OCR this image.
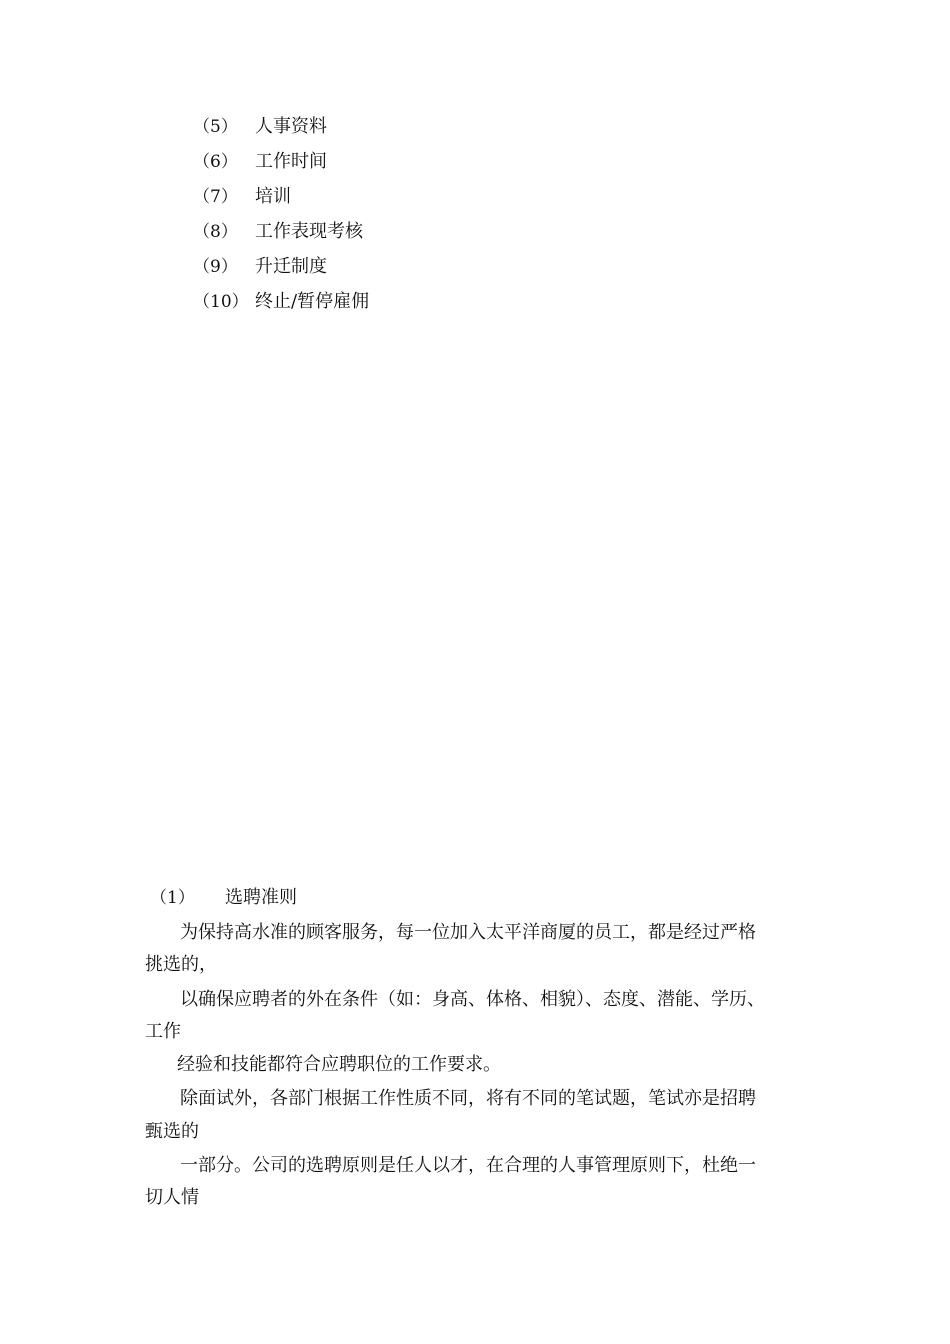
（5） 人事资料
（6） 工作时间
（7） 培训
（8） 工作表现考核
（9） 升迁制度
（10） 终止/暂停雇佣
（1）	选聘准则
为保持高水准的顾客服务，每一位加入太平洋商厦的员工，都是经过严格
挑选的，
以确保应聘者的外在条件（如：身高、体格、相貌）、态度、潜能、学历、
工作
经验和技能都符合应聘职位的工作要求。
除面试外，各部门根据工作性质不同，将有不同的笔试题，笔试亦是招聘
甄选的
一部分。公司的选聘原则是任人以才，在合理的人事管理原则下，杜绝一
切人情
